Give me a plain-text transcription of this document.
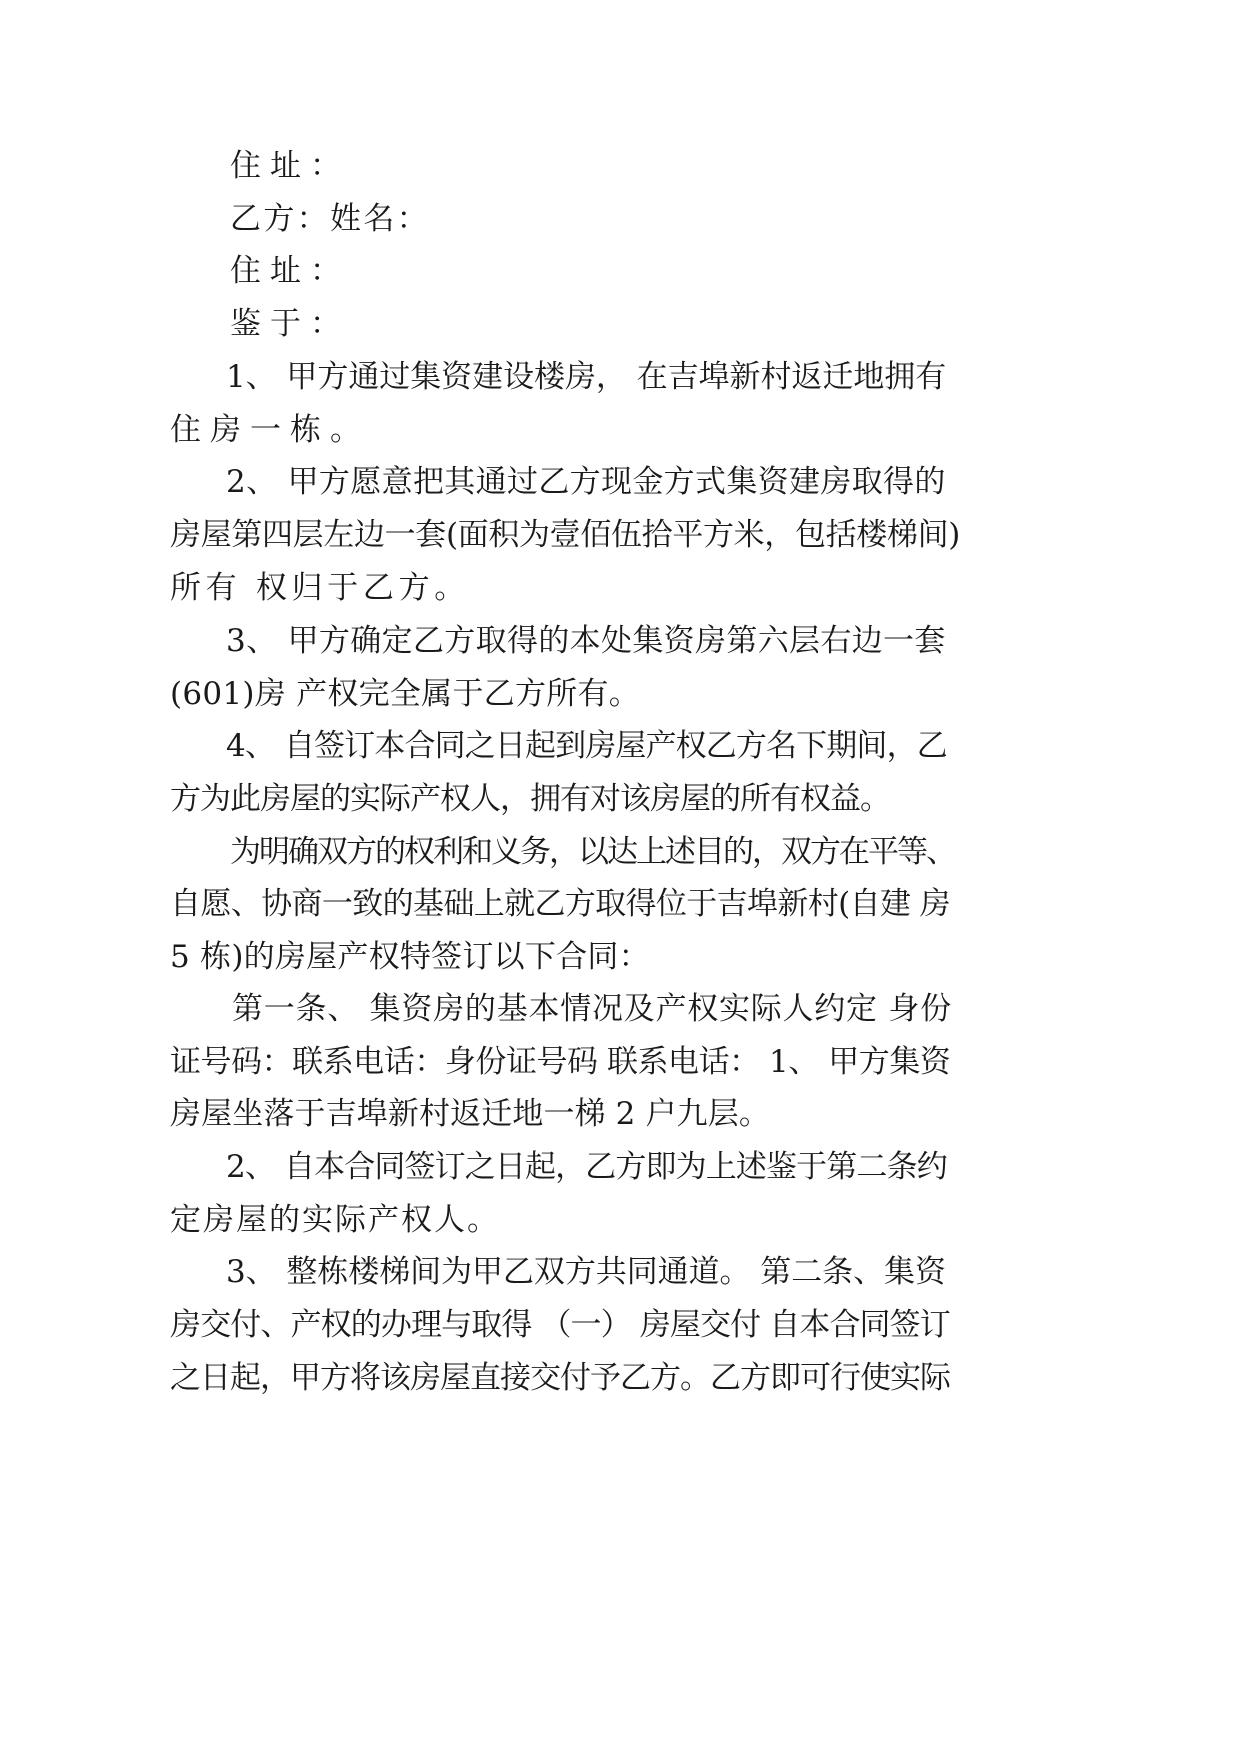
住址：
乙方：姓名：
住址：
鉴于：
1、 甲方通过集资建设楼房， 在吉埠新村返迁地拥有
住房一栋。
2、 甲方愿意把其通过乙方现金方式集资建房取得的
房屋第四层左边一套(面积为壹佰伍拾平方米，包括楼梯间)
所有 权归于乙方。
3、 甲方确定乙方取得的本处集资房第六层右边一套
(601)房 产权完全属于乙方所有。
4、 自签订本合同之日起到房屋产权乙方名下期间，乙
方为此房屋的实际产权人，拥有对该房屋的所有权益。
为明确双方的权利和义务，以达上述目的，双方在平等、
自愿、协商一致的基础上就乙方取得位于吉埠新村(自建 房
5 栋)的房屋产权特签订以下合同：
第一条、 集资房的基本情况及产权实际人约定 身份
证号码：联系电话：身份证号码 联系电话： 1、 甲方集资
房屋坐落于吉埠新村返迁地一梯 2 户九层。
2、 自本合同签订之日起，乙方即为上述鉴于第二条约
定房屋的实际产权人。
3、 整栋楼梯间为甲乙双方共同通道。 第二条、集资
房交付、产权的办理与取得 （一） 房屋交付 自本合同签订
之日起，甲方将该房屋直接交付予乙方。乙方即可行使实际
